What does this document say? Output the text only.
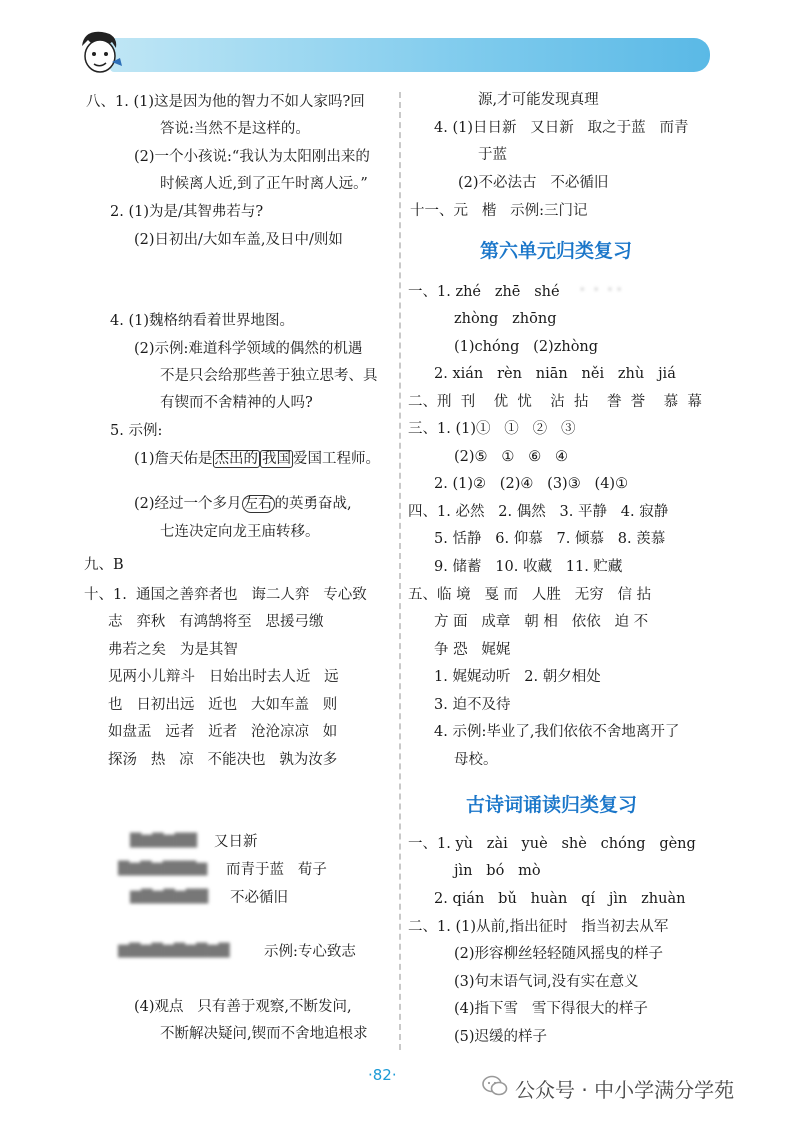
八、1. (1)这是因为他的智力不如人家吗?回
答说:当然不是这样的。
(2)一个小孩说:“我认为太阳刚出来的
时候离人近,到了正午时离人远。”
2. (1)为是/其智弗若与?
(2)日初出/大如车盖,及日中/则如
4. (1)魏格纳看着世界地图。
(2)示例:难道科学领域的偶然的机遇
不是只会给那些善于独立思考、具
有锲而不舍精神的人吗?
5. 示例:
(1)詹天佑是 杰出的 我国 爱国工程师。
(2)经过一个多月 左右 的英勇奋战,
七连决定向龙王庙转移。
九、B
十、1.  通国之善弈者也   诲二人弈   专心致
志   弈秋   有鸿鹄将至   思援弓缴
弗若之矣   为是其智
见两小儿辩斗   日始出时去人近   远
也   日初出远   近也   大如车盖   则
如盘盂   远者   近者   沧沧凉凉   如
探汤   热   凉   不能决也   孰为汝多
▇▆▇▆▇▇ 又日新
▇▆▇▆▇▇▇▆ 而青于蓝   荀子
▆▇▆▇▆▇▇ 不必循旧
▆▇▆▇▆▇▆▇▆▇ 示例:专心致志
(4)观点   只有善于观察,不断发问,
不断解决疑问,锲而不舍地追根求
源,才可能发现真理
4. (1)日日新   又日新   取之于蓝   而青
于蓝
(2)不必法古   不必循旧
十一、元   楷   示例:三门记
第六单元归类复习
一、1. zhé   zhē   shé ·  ·  · ·
zhòng   zhōng
(1)chóng   (2)zhòng
2. xián   rèn   niān   něi   zhù   jiá
二、刑  刊    优  忧    沾  拈    誊  誉    慕  幕
三、1. (1)①   ①   ②   ③
(2)⑤   ①   ⑥   ④
2. (1)②   (2)④   (3)③   (4)①
四、1. 必然   2. 偶然   3. 平静   4. 寂静
5. 恬静   6. 仰慕   7. 倾慕   8. 羡慕
9. 储蓄   10. 收藏   11. 贮藏
五、临 境   戛 而   人胜   无穷   信 拈
方 面   成章   朝 相   依依   迫 不
争 恐   娓娓
1. 娓娓动听   2. 朝夕相处
3. 迫不及待
4. 示例:毕业了,我们依依不舍地离开了
母校。
古诗词诵读归类复习
一、1. yù   zài   yuè   shè   chóng   gèng
jìn   bó   mò
2. qián   bǔ   huàn   qí   jìn   zhuàn
二、1. (1)从前,指出征时   指当初去从军
(2)形容柳丝轻轻随风摇曳的样子
(3)句末语气词,没有实在意义
(4)指下雪   雪下得很大的样子
(5)迟缓的样子
·82·
公众号 · 中小学满分学苑
